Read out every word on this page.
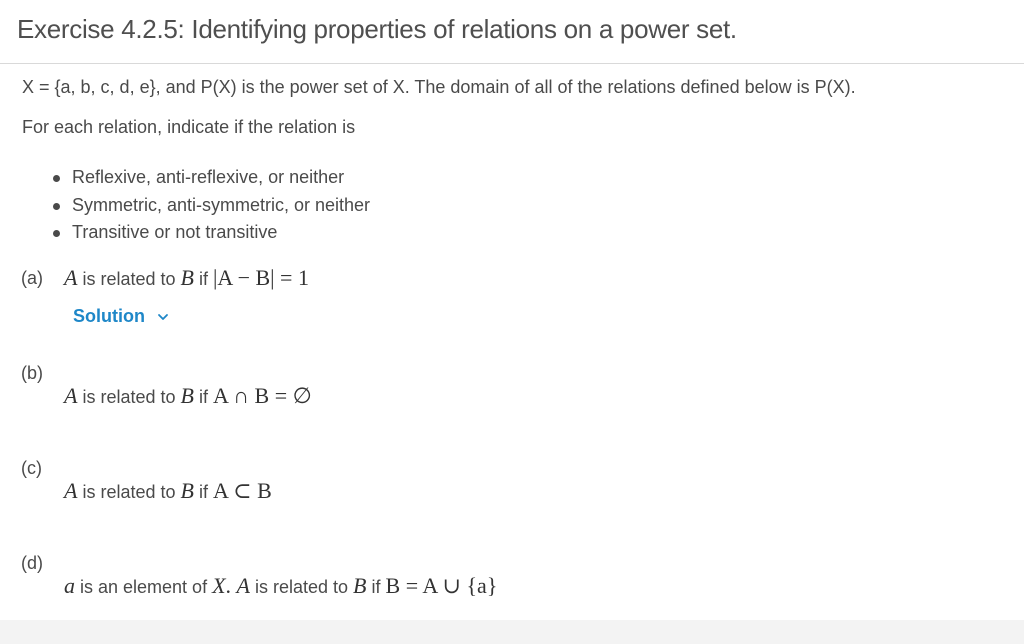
Exercise 4.2.5: Identifying properties of relations on a power set.
X = {a, b, c, d, e}, and P(X) is the power set of X. The domain of all of the relations defined below is P(X).
For each relation, indicate if the relation is
Reflexive, anti-reflexive, or neither
Symmetric, anti-symmetric, or neither
Transitive or not transitive
(a) A is related to B if |A − B| = 1
Solution
(b)
A is related to B if A ∩ B = ∅
(c)
A is related to B if A ⊂ B
(d)
a is an element of X. A is related to B if B = A ∪ {a}
